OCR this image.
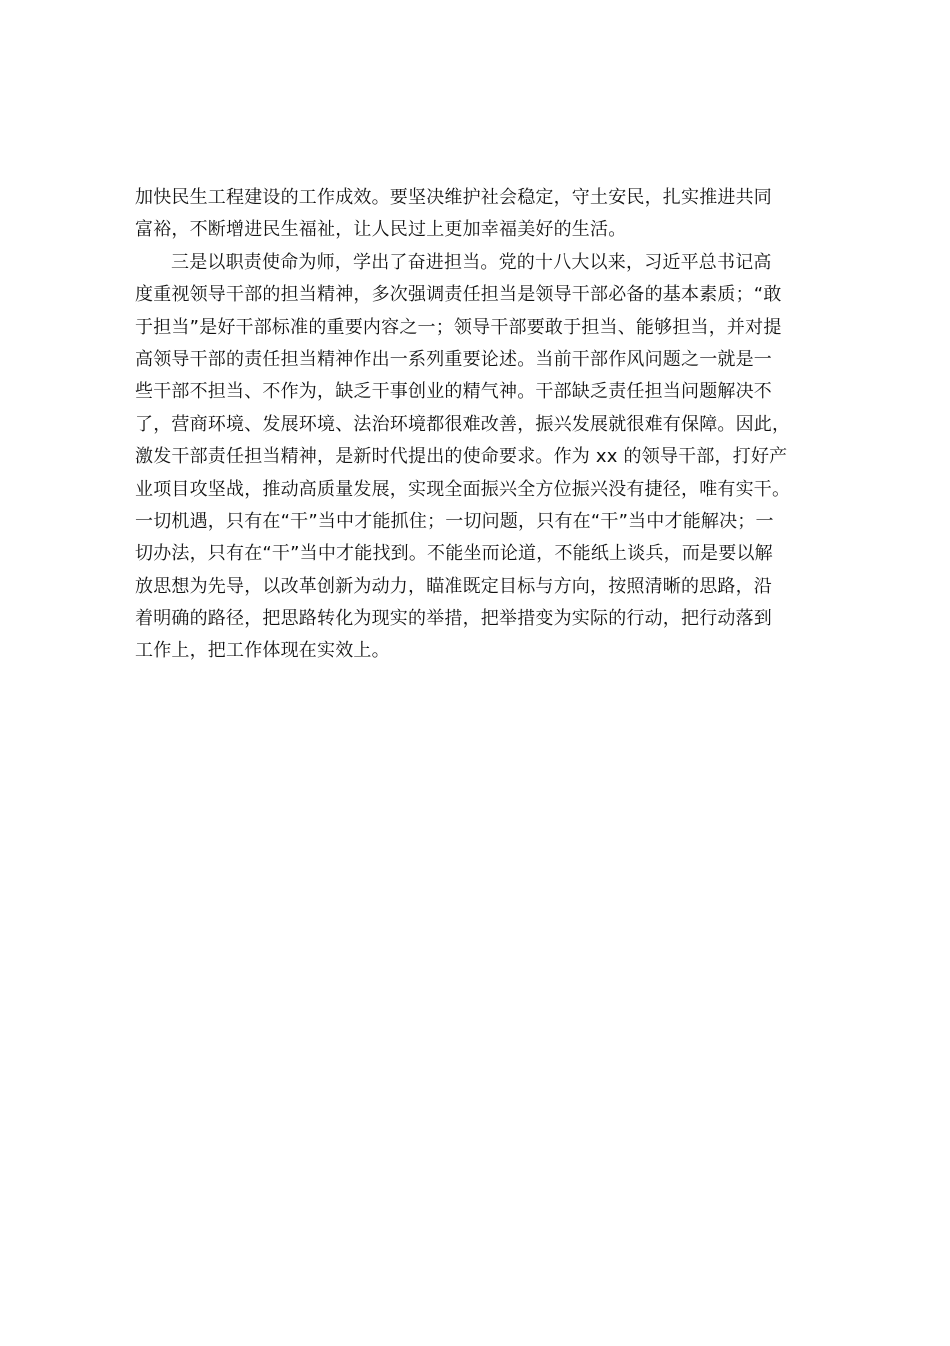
加快民生工程建设的工作成效。要坚决维护社会稳定，守土安民，扎实推进共同
富裕，不断增进民生福祉，让人民过上更加幸福美好的生活。
三是以职责使命为师，学出了奋进担当。党的十八大以来，习近平总书记高
度重视领导干部的担当精神，多次强调责任担当是领导干部必备的基本素质；“敢
于担当”是好干部标准的重要内容之一；领导干部要敢于担当、能够担当，并对提
高领导干部的责任担当精神作出一系列重要论述。当前干部作风问题之一就是一
些干部不担当、不作为，缺乏干事创业的精气神。干部缺乏责任担当问题解决不
了，营商环境、发展环境、法治环境都很难改善，振兴发展就很难有保障。因此，
激发干部责任担当精神，是新时代提出的使命要求。作为 xx 的领导干部，打好产
业项目攻坚战，推动高质量发展，实现全面振兴全方位振兴没有捷径，唯有实干。
一切机遇，只有在“干”当中才能抓住；一切问题，只有在“干”当中才能解决；一
切办法，只有在“干”当中才能找到。不能坐而论道，不能纸上谈兵，而是要以解
放思想为先导，以改革创新为动力，瞄准既定目标与方向，按照清晰的思路，沿
着明确的路径，把思路转化为现实的举措，把举措变为实际的行动，把行动落到
工作上，把工作体现在实效上。
